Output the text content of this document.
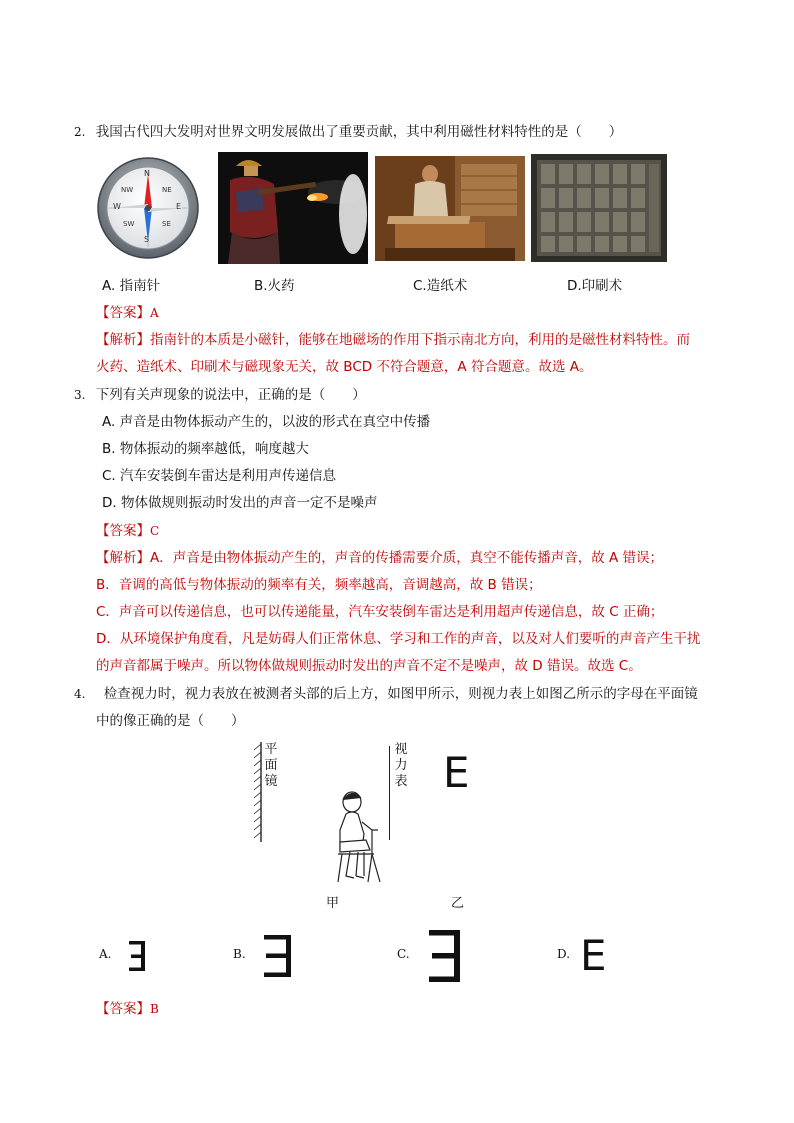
2. 我国古代四大发明对世界文明发展做出了重要贡献，其中利用磁性材料特性的是（　　）
N
NE
E
SE
S
SW
W
NW
A. 指南针	B.火药	C.造纸术	D.印刷术
【答案】A
【解析】指南针的本质是小磁针，能够在地磁场的作用下指示南北方向，利用的是磁性材料特性。而
火药、造纸术、印刷术与磁现象无关，故 BCD 不符合题意，A 符合题意。故选 A。
3. 下列有关声现象的说法中，正确的是（　　）
A. 声音是由物体振动产生的，以波的形式在真空中传播
B. 物体振动的频率越低，响度越大
C. 汽车安装倒车雷达是利用声传递信息
D. 物体做规则振动时发出的声音一定不是噪声
【答案】C
【解析】A．声音是由物体振动产生的，声音的传播需要介质，真空不能传播声音，故 A 错误；
B．音调的高低与物体振动的频率有关，频率越高，音调越高，故 B 错误；
C．声音可以传递信息，也可以传递能量，汽车安装倒车雷达是利用超声传递信息，故 C 正确；
D．从环境保护角度看，凡是妨碍人们正常休息、学习和工作的声音，以及对人们要听的声音产生干扰
的声音都属于噪声。所以物体做规则振动时发出的声音不定不是噪声，故 D 错误。故选 C。
4. 检查视力时，视力表放在被测者头部的后上方，如图甲所示，则视力表上如图乙所示的字母在平面镜
中的像正确的是（　　）
平
面
镜
甲
视
力
表 E
乙
A.	B.	C.	D. E
【答案】B
